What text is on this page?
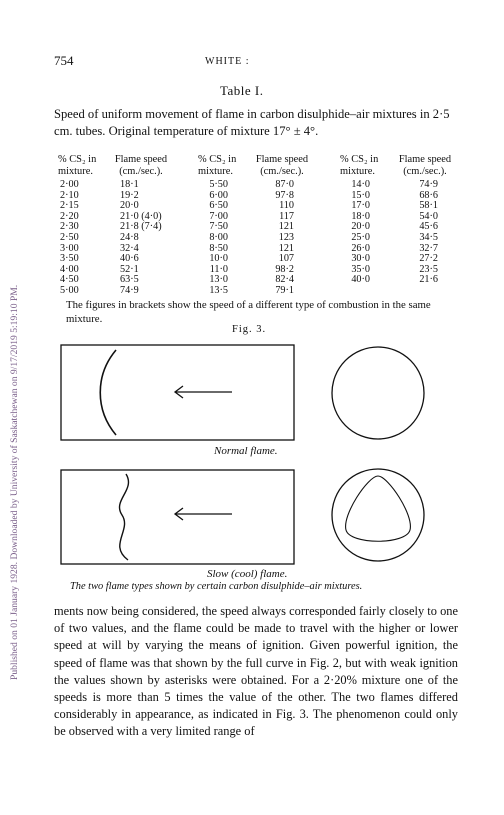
Published on 01 January 1928. Downloaded by University of Saskatchewan on 9/17/2019 5:19:10 PM.
754	WHITE :
Table I.
Speed of uniform movement of flame in carbon disulphide–air mixtures in 2·5 cm. tubes. Original temperature of mixture 17° ± 4°.
% CS₂ in
mixture.
Flame speed
(cm./sec.).
% CS₂ in
mixture.
Flame speed
(cm./sec.).
% CS₂ in
mixture.
Flame speed
(cm./sec.).
2·00
2·10
2·15
2·20
2·30
2·50
3·00
3·50
4·00
4·50
5·00
18·1
19·2
20·0
21·0 (4·0)
21·8 (7·4)
24·8
32·4
40·6
52·1
63·5
74·9
5·50
6·00
6·50
7·00
7·50
8·00
8·50
10·0
11·0
13·0
13·5
87·0
97·8
110
117
121
123
121
107
98·2
82·4
79·1
14·0
15·0
17·0
18·0
20·0
25·0
26·0
30·0
35·0
40·0
74·9
68·6
58·1
54·0
45·6
34·5
32·7
27·2
23·5
21·6
The figures in brackets show the speed of a different type of combustion in the same mixture.
Fig. 3.
Normal flame.
Slow (cool) flame.
The two flame types shown by certain carbon disulphide–air mixtures.

ments now being considered, the speed always corresponded fairly closely to one of two values, and the flame could be made to travel with the higher or lower speed at will by varying the means of ignition. Given powerful ignition, the speed of flame was that shown by the full curve in Fig. 2, but with weak ignition the values shown by asterisks were obtained. For a 2·20% mixture one of the speeds is more than 5 times the value of the other. The two flames differed considerably in appearance, as indicated in Fig. 3. The phenomenon could only be observed with a very limited range of
